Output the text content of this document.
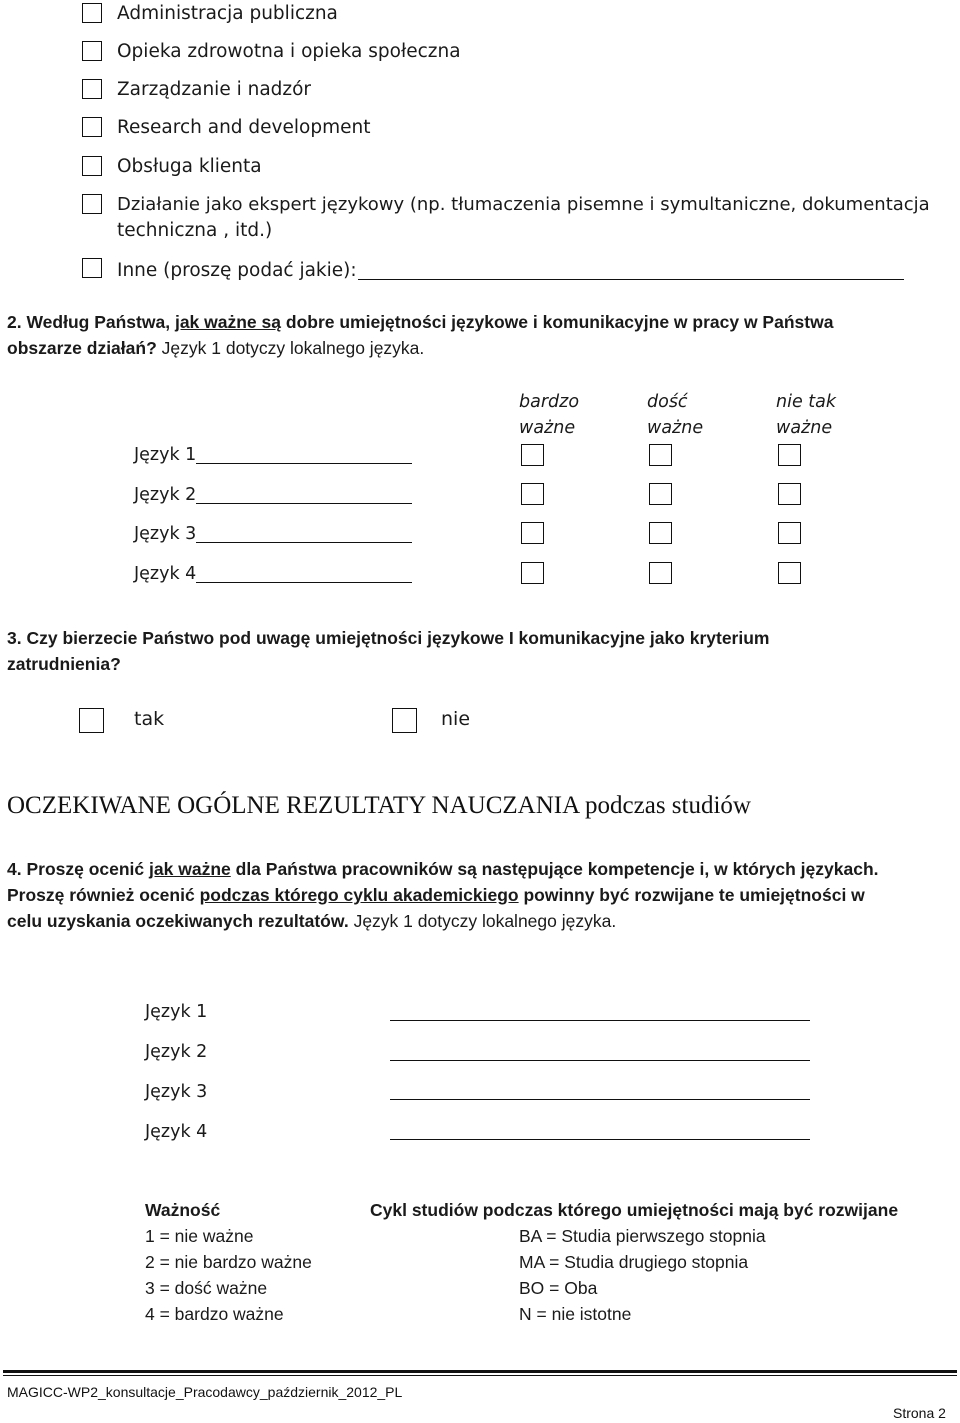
Administracja publiczna
Opieka zdrowotna i opieka społeczna
Zarządzanie i nadzór
Research and development
Obsługa klienta
Działanie jako ekspert językowy (np. tłumaczenia pisemne i symultaniczne, dokumentacja
techniczna , itd.)
Inne (proszę podać jakie):
2. Według Państwa, jak ważne są dobre umiejętności językowe i komunikacyjne w pracy w Państwa
obszarze działań? Język 1 dotyczy lokalnego języka.
bardzo
ważne
dość
ważne
nie tak
ważne
Język 1
Język 2
Język 3
Język 4
3. Czy bierzecie Państwo pod uwagę umiejętności językowe I komunikacyjne jako kryterium
zatrudnienia?
tak	nie
OCZEKIWANE OGÓLNE REZULTATY NAUCZANIA podczas studiów
4. Proszę ocenić jak ważne dla Państwa pracowników są następujące kompetencje i, w których językach.
Proszę również ocenić podczas którego cyklu akademickiego powinny być rozwijane te umiejętności w
celu uzyskania oczekiwanych rezultatów. Język 1 dotyczy lokalnego języka.
Język 1
Język 2
Język 3
Język 4
Ważność
1 = nie ważne
2 = nie bardzo ważne
3 = dość ważne
4 = bardzo ważne
Cykl studiów podczas którego umiejętności mają być rozwijane
BA = Studia pierwszego stopnia
MA = Studia drugiego stopnia
BO = Oba
N = nie istotne
MAGICC-WP2_konsultacje_Pracodawcy_październik_2012_PL
Strona 2
